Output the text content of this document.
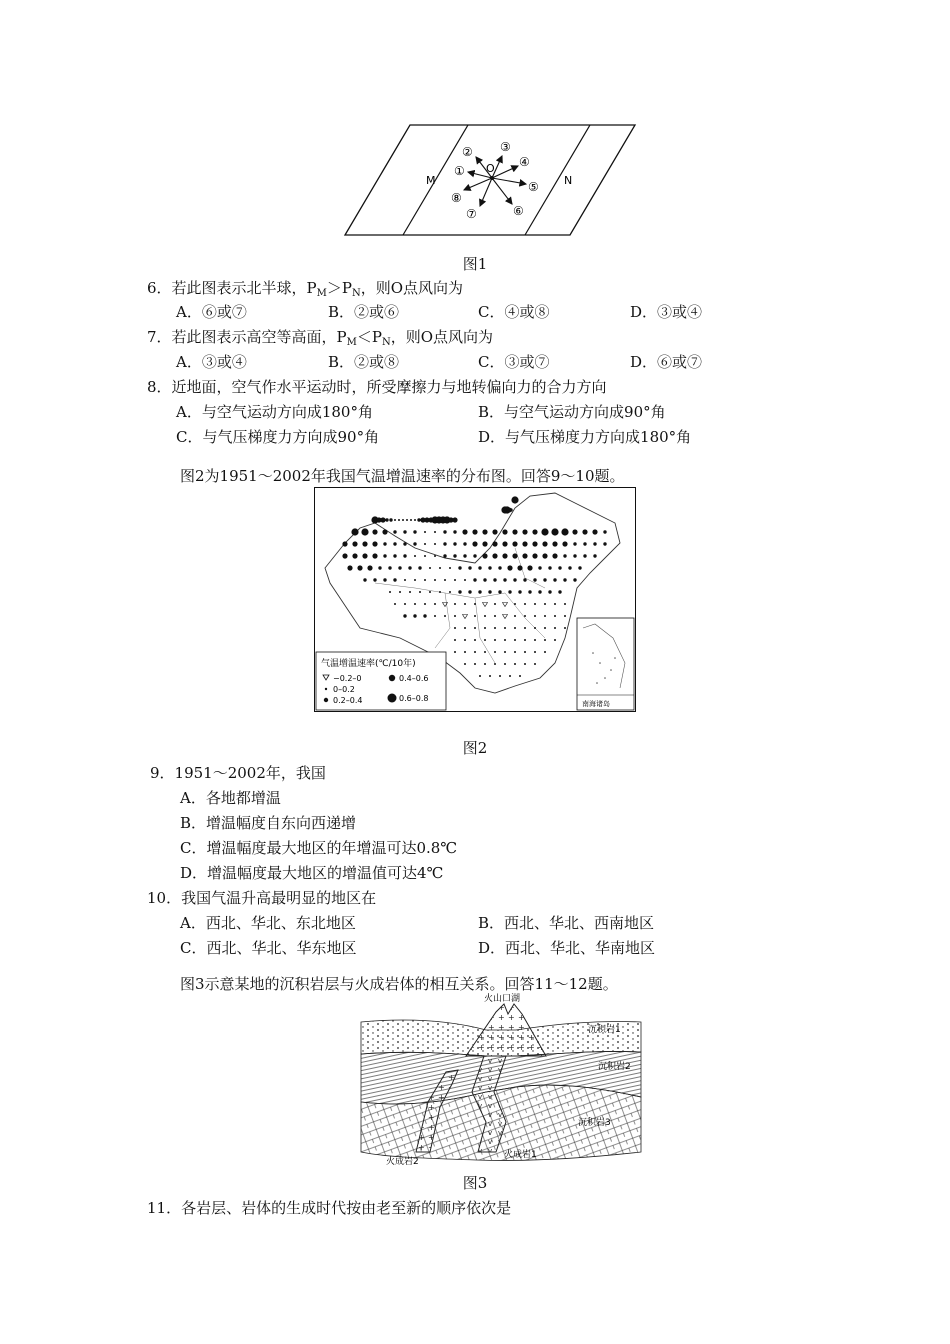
M	N
O
①
② ③
④
⑤
⑥
⑦
⑧
图1
6．若此图表示北半球，$P_M>P_N$，则O点风向为
A．⑥或⑦	B．②或⑥	C．④或⑧	D．③或④
7．若此图表示高空等高面，$P_M<P_N$，则O点风向为
A．③或④	B．②或⑧	C．③或⑦	D．⑥或⑦
8．近地面，空气作水平运动时，所受摩擦力与地转偏向力的合力方向
A．与空气运动方向成180°角	B．与空气运动方向成90°角
C．与气压梯度力方向成90°角	D．与气压梯度力方向成180°角
图2为1951～2002年我国气温增温速率的分布图。回答9～10题。
气温增温速率(℃/10年)
−0.2–0
0–0.2
0.2–0.4
0.4–0.6
0.6–0.8
南海诸岛
图2
9．1951～2002年，我国
A．各地都增温
B．增温幅度自东向西递增
C．增温幅度最大地区的年增温可达0.8℃
D．增温幅度最大地区的增温值可达4℃
10．我国气温升高最明显的地区在
A．西北、华北、东北地区	B．西北、华北、西南地区
C．西北、华北、华东地区	D．西北、华北、华南地区
图3示意某地的沉积岩层与火成岩体的相互关系。回答11～12题。
火山口湖
沉积岩1
沉积岩2
沉积岩3
火成岩1
火成岩2
图3
11．各岩层、岩体的生成时代按由老至新的顺序依次是
